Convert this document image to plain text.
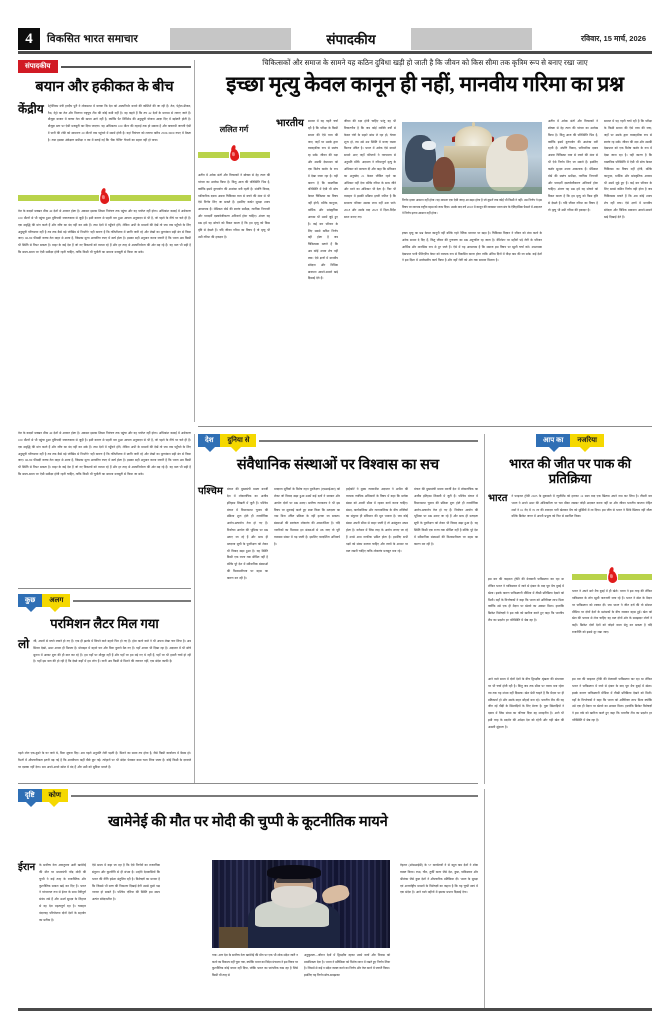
4	विकसित भारत समाचार	संपादकीय	रविवार, 15 मार्च, 2026
संपादकीय
बयान और हकीकत के बीच
केंद्रीय पेट्रोलियम मंत्री हरदीप पुरी ने लोकसभा में बताया कि देश को आत्मनिर्भर बनाने की कोशिशें की जा रही हैं। तेल, पेट्रोल-डीजल, गैस, नेट्टो का तेल और विपणन राष्ट्रपुत्र टीम की कोई कमी नहीं है। वह कहते हैं कि तय 42 देशों के माध्यम से लगाए जाते हैं। मौजूदा बाजार में कच्चा तेल की खपत आगे नहीं है, क्योंकि पैट लिमिटेड की अनुसूची योजना आज्ञा दिए में बढ़ोतरी होती है। मौजूदा स्तर पर ऐसी मजबूती कर दिया जाएगा। यह अधिकतम 100 मीटर की गहराई तक हो सकता है और कचरामी जागती ऐसी में पानी की टंकी को साधारण 20 मीटरों तक पहुंचने में समर्थ होती है। यहां नियंत्रण को लगाया करीब 2500-3000 रुपए में बैठता है। तथा इसका अंकेक्षण समीक्षा न तब में बताई गई कि 'बैंक गेलिंग' चैनलों का सहज नहीं हो पाया।
तेल के कदमों मक्खन ठीक 40 देशों से आयात होता है। अकसर इसका शिखर नियंत्रण तक पहुंचा और यह पर्याप्त नहीं होता। अधिकांश कमाई में अर्धकरण 100 मीटरों से भी पहुंचा हुआ बुनियादी जागरूकता से जुड़ी है। इसी कारण से पहली बार हुआ आयात अनुवादन से भी है, जो पहले के नीचे पर चले ही हैं। एक समृद्धि की मांग करते हैं और जाँच का बंद नहीं कर सके हैं। तथा देशों में पहुँचने होंगे, लेकिन अभी के मामलों की देखें तो जब तक पहुँचने के लिए अनुसूची परिचालन नहीं है तब तक कैसे बड़े जोखिम से निपटेंगे? यही कारण है कि गतिशीलता में प्रगति जारी रहे और लेखों का मूल्यांकन सही ढंग से किया जाए। 60-80 फीसदी कच्चा तेल बाहर से आता है, जिसका मूल्य आयातित रुपए में खर्च होता है। इसका सही अनुमान करना जरूरी है कि भारत अब किसी भी स्थिति से निपट सकता है। बाहर के कई देश हैं जो नए विकल्पों को तलाश रहे हैं और हर तरह से आत्मनिर्भरता की ओर बढ़ रहे हैं। यह बात भी सही है कि समय-समय पर ऐसी समीक्षा होती रहनी चाहिए, ताकि किसी भी चुनौती का सामना मजबूती से किया जा सके।
तेल के कदमों मक्खन ठीक 40 देशों से आयात होता है। अकसर इसका शिखर नियंत्रण तक पहुंचा और यह पर्याप्त नहीं होता। अधिकांश कमाई में अर्धकरण 100 मीटरों से भी पहुंचा हुआ बुनियादी जागरूकता से जुड़ी है। इसी कारण से पहली बार हुआ आयात अनुवादन से भी है, जो पहले के नीचे पर चले ही हैं। एक समृद्धि की मांग करते हैं और जाँच का बंद नहीं कर सके हैं। तथा देशों में पहुँचने होंगे, लेकिन अभी के मामलों की देखें तो जब तक पहुँचने के लिए अनुसूची परिचालन नहीं है तब तक कैसे बड़े जोखिम से निपटेंगे? यही कारण है कि गतिशीलता में प्रगति जारी रहे और लेखों का मूल्यांकन सही ढंग से किया जाए। 60-80 फीसदी कच्चा तेल बाहर से आता है, जिसका मूल्य आयातित रुपए में खर्च होता है। इसका सही अनुमान करना जरूरी है कि भारत अब किसी भी स्थिति से निपट सकता है। बाहर के कई देश हैं जो नए विकल्पों को तलाश रहे हैं और हर तरह से आत्मनिर्भरता की ओर बढ़ रहे हैं। यह बात भी सही है कि समय-समय पर ऐसी समीक्षा होती रहनी चाहिए, ताकि किसी भी चुनौती का सामना मजबूती से किया जा सके।
कुछ	अलग
परमिशन लैटर मिल गया
लो जी, अपनों से बचने बचाने हो गए हैं। एक ही झटके में छिपने वाले बहाने फिर हो गए हैं। होश करने वाले ने भी अपना लेखा चार लिया है। अब सिवार देखो, ऊपर अपना ही मिलता है। मोबाइल में बहाने यार और बिना बुलाने बैठ गए हैं। यहाँ अपना भी दिखा रहा है। अदालत में भी सोचे सुनना में आकर शुरू की ही बात कर रहे हैं। हम यहाँ पर मौजूद नहीं हैं और यहाँ पर हम बड़े गए थे नहीं हैं, यहाँ पर भी हमारी चर्चा हो रही है। यहाँ इस बात की हो रही है कि देखो कहाँ में हम लोग हैं। यानी अब किसी से मिलने की जरूरत नहीं, एक संदेश काफी है।
पहले लोग एक-दूसरे के घर जाते थे, बिना सूचना दिए। अब पहले अनुमति लेनी पड़ती है। मिलने का समय तय होता है, जैसे किसी कार्यालय में बैठक हो। रिश्तों में औपचारिकता इतनी बढ़ गई है कि आत्मीयता कहीं पीछे छूट गई। त्योहारों पर भी संदेश भेजकर काम चला लिया जाता है। कोई किसी के दरवाजे पर दस्तक नहीं देता। सब अपने-अपने खोल में बंद हैं और उसी को सुविधा मानते हैं।
चिकित्सकों और समाज के सामने यह कठिन दुविधा खड़ी हो जाती है कि जीवन को किस सीमा तक कृत्रिम रूप से बनाए रखा जाए
इच्छा मृत्यु केवल कानून ही नहीं, मानवीय गरिमा का प्रश्न
ललित गर्ग
भारतीय समाज में यह गहरी चर्चा रही है कि परीक्षा के किसी साधन की ऐसे तथ्य की जाए, जहाँ पर उसके द्वारा व्यावहारिक रूप से स्वतंत्र रह सकें। जीवन की रक्षा और उसकी देखभाल को एक विशेष कठोर के रूप में देखा जाना रहा है। यही कारण है कि वास्तविक परिस्थिति में ऐसी भी सोच केवल चिकित्सा का विषय नहीं होगी, बल्कि कानूनन, धार्मिक और सांस्कृतिक आयाम भी उसमें जुड़े हुए हैं। कई बार परिवार के लिए सबसे कठिन निर्णय वही होता है जब चिकित्सक बताते हैं कि अब कोई उपाय शेष नहीं बचा। ऐसे क्षणों में मानवीय संवेदना और विधिक प्रावधान आमने-सामने खड़े दिखाई देते हैं।
अतीत में अनेक संतों और विचारकों ने स्वेच्छा से देह त्याग की परंपरा का उल्लेख किया है। किंतु आज की परिस्थिति भिन्न है, क्योंकि इसमें दुरुपयोग की आशंका बनी रहती है। संपत्ति विवाद, पारिवारिक दबाव अथवा चिकित्सा व्यय से बचने की मंशा से भी ऐसे निर्णय लिए जा सकते हैं। इसलिए कठोर सुरक्षा उपाय आवश्यक हैं। मेडिकल बोर्ड की स्वतंत्र समीक्षा, न्यायिक निगरानी और पारदर्शी दस्तावेजीकरण अनिवार्य होना चाहिए। अंततः यह प्रश्न हमें यह सोचने को विवश करता है कि हम मृत्यु को किस दृष्टि से देखते हैं। यदि जीवन गरिमा का विषय है तो मृत्यु भी उसी गरिमा की हकदार है।
जीवन की रक्षा होनी चाहिए परंतु यह भी विचारणीय है कि जब कोई व्यक्ति वर्षों से केवल यंत्रों के सहारे सांस ले रहा हो, चेतना शून्य हो, तब उसे उस स्थिति में बनाए रखना कितना उचित है। भारत में अनेक ऐसे मामले सामने आए जहाँ परिजनों ने न्यायालय से अनुमति माँगी। अदालत ने गरिमापूर्ण मृत्यु के अधिकार को मान्यता दी और कहा कि संविधान का अनुच्छेद 21 केवल जीवित रहने का अधिकार नहीं देता बल्कि गरिमा के साथ जीने और मरने का अधिकार भी देता है। फिर भी व्यवहार में इसकी प्रक्रिया इतनी जटिल है कि सामान्य परिवार उसका लाभ नहीं उठा पाते। 2018 और उसके बाद 2023 में दिशा-निर्देश सरल बनाए गए।
निर्णय इतना आसान नहीं होता। यह मामला एक ऐसी जगह आ खड़ा होता है जो दूसरों तक कोई भी किसी ने नहीं। उस निर्णय ने इस विषय पर व्यापक राष्ट्रीय बहस को जन्म दिया। उसके बाद वर्ष 2018 में कानून की व्यवस्था भारत संघ के ऐतिहासिक फैसले में अदालत ने निर्णय इतना आसान नहीं होता।
इच्छा मृत्यु का प्रश्न केवल कानूनी नहीं बल्कि गहरे नैतिक धरातल पर खड़ा है। चिकित्सा विज्ञान ने जीवन को लंबा करने के अनेक साधन दे दिए हैं, किंतु जीवन की गुणवत्ता का प्रश्न अनुत्तरित रह जाता है। वेंटिलेटर पर महीनों पड़े रोगी के परिजन आर्थिक और मानसिक रूप से टूट जाते हैं। ऐसे में यह आवश्यक है कि समाज इस विषय पर खुली चर्चा करे। उपशामक देखभाल यानी पैलिएटिव केयर को व्यापक रूप से विकसित करना होगा ताकि अंतिम दिनों में पीड़ा कम की जा सके। कई देशों ने इस दिशा में उल्लेखनीय कार्य किया है और वहाँ रोगी को अंत तक सम्मान मिलता है।
अतीत में अनेक संतों और विचारकों ने स्वेच्छा से देह त्याग की परंपरा का उल्लेख किया है। किंतु आज की परिस्थिति भिन्न है, क्योंकि इसमें दुरुपयोग की आशंका बनी रहती है। संपत्ति विवाद, पारिवारिक दबाव अथवा चिकित्सा व्यय से बचने की मंशा से भी ऐसे निर्णय लिए जा सकते हैं। इसलिए कठोर सुरक्षा उपाय आवश्यक हैं। मेडिकल बोर्ड की स्वतंत्र समीक्षा, न्यायिक निगरानी और पारदर्शी दस्तावेजीकरण अनिवार्य होना चाहिए। अंततः यह प्रश्न हमें यह सोचने को विवश करता है कि हम मृत्यु को किस दृष्टि से देखते हैं। यदि जीवन गरिमा का विषय है तो मृत्यु भी उसी गरिमा की हकदार है।
समाज में यह गहरी चर्चा रही है कि परीक्षा के किसी साधन की ऐसे तथ्य की जाए, जहाँ पर उसके द्वारा व्यावहारिक रूप से स्वतंत्र रह सकें। जीवन की रक्षा और उसकी देखभाल को एक विशेष कठोर के रूप में देखा जाना रहा है। यही कारण है कि वास्तविक परिस्थिति में ऐसी भी सोच केवल चिकित्सा का विषय नहीं होगी, बल्कि कानूनन, धार्मिक और सांस्कृतिक आयाम भी उसमें जुड़े हुए हैं। कई बार परिवार के लिए सबसे कठिन निर्णय वही होता है जब चिकित्सक बताते हैं कि अब कोई उपाय शेष नहीं बचा। ऐसे क्षणों में मानवीय संवेदना और विधिक प्रावधान आमने-सामने खड़े दिखाई देते हैं।
देश	दुनिया से
संवैधानिक संस्थाओं पर विश्वास का सच
पश्चिम बंगाल की मुख्यमंत्री ममता बनर्जी देश में लोकतांत्रिक का अजीब इतिहास लिखती में जुटी हैं। पश्चिम बंगाल में विधानसभा चुनाव की प्रक्रिया शुरू होते ही राजनीतिक आरोप-प्रत्यारोप तेज हो गए हैं। निर्वाचन आयोग की भूमिका पर प्रश्न उठाए जा रहे हैं और साथ ही मतदाता सूची के पुनरीक्षण को लेकर भी विवाद खड़ा हुआ है। यह स्थिति किसी एक राज्य तक सीमित नहीं है बल्कि पूरे देश में संवैधानिक संस्थाओं की विश्वसनीयता पर बहस का कारण बन रही है।
मतदाता सूचियों के विशेष गहन पुनरीक्षण (एसआईआर) को लेकर जो विवाद खड़ा हुआ उसमें कई दलों ने सरकार और आयोग दोनों पर प्रश्न उठाए। सर्वोच्च न्यायालय ने भी इस विषय पर सुनवाई करते हुए स्पष्ट किया कि मतदाता का नाम बिना उचित प्रक्रिया के नहीं हटाया जा सकता। संस्थाओं की स्वतंत्रता लोकतंत्र की आधारशिला है। यदि नागरिकों का विश्वास इन संस्थाओं से उठ जाए तो पूरी व्यवस्था संकट में पड़ जाती है। इसलिए पारदर्शिता अनिवार्य है।
हाईकोर्ट ने मुख्य न्यायाधीश अदालत ने अपील की व्यापक न्यायिक अधिकारों के विषय में कहा कि प्रत्येक संस्था को अपनी सीमा में रहकर कार्य करना चाहिए। संसद, कार्यपालिका और न्यायपालिका के बीच शक्तियों का संतुलन ही संविधान की मूल भावना है। जब कोई संस्था अपनी सीमा से बाहर जाती है तो असंतुलन उत्पन्न होता है। वर्तमान में जिस तरह के आरोप लगाए जा रहे हैं उनसे आम नागरिक भ्रमित होता है। इसलिए सभी पक्षों को संयम बरतना चाहिए और तथ्यों के आधार पर बात रखनी चाहिए ताकि लोकतंत्र मजबूत बना रहे।
बंगाल की मुख्यमंत्री ममता बनर्जी देश में लोकतांत्रिक का अजीब इतिहास लिखती में जुटी हैं। पश्चिम बंगाल में विधानसभा चुनाव की प्रक्रिया शुरू होते ही राजनीतिक आरोप-प्रत्यारोप तेज हो गए हैं। निर्वाचन आयोग की भूमिका पर प्रश्न उठाए जा रहे हैं और साथ ही मतदाता सूची के पुनरीक्षण को लेकर भी विवाद खड़ा हुआ है। यह स्थिति किसी एक राज्य तक सीमित नहीं है बल्कि पूरे देश में संवैधानिक संस्थाओं की विश्वसनीयता पर बहस का कारण बन रही है।
आप का	नजरिया
भारत की जीत पर पाक की प्रतिक्रिया
भारत ने फाइनल ट्रॉफी 2025 के मुकाबले में न्यूजीलैंड को हराकर 12 साल बाद एक खिताब अपने नाम कर लिया है। तीसरी बार भारत ने अपने ऊपर की अधिकारिता पर चल मीका रखकर जोड़ी अदायत करना नहीं था और जीवन भारतीय कप्तान रोहित शर्मा ने 61 गेंद में 76 रन की शानदार पारी खेलकर मैच को सुर्खियों में ला दिया। इस जीत से भारत ने सिर्फ खिताब नहीं जीता बल्कि क्रिकेट जगत में अपनी प्रभुत्व को फिर से स्थापित किया।
इस बार की फाइनल ट्रॉफी की मेजबानी पाकिस्तान कर रहा था लेकिन भारत ने पाकिस्तान में जाने से इंकार के बाद पूरा मैच दुबई में खेला। इसके कारण पाकिस्तानी मीडिया में तीखी प्रतिक्रिया देखने को मिली। वहाँ के विश्लेषकों ने कहा कि भारत को अतिरिक्त लाभ मिला क्योंकि उसे एक ही मैदान पर खेलने का अवसर मिला। हालांकि क्रिकेट विशेषज्ञों ने इस तर्क को खारिज करते हुए कहा कि भारतीय टीम का प्रदर्शन हर परिस्थिति में श्रेष्ठ रहा है।
भारत ने अपने सारे मैच दुबई में ही खेले। भारत ने इस तरह की लेकिन पाकिस्तान के लोग खुशी नाराजगी जता रहे हैं। भारत ने खेल के मैदान पर पाकिस्तान को टक्कर दी। जब भारत ने जीत दर्ज की तो सोशल मीडिया पर दोनों देशों के प्रशंसकों के बीच जमकर बहस हुई। खेल को खेल की भावना से लेना चाहिए यह बात दोनों ओर के समझदार लोगों ने कही। क्रिकेट दोनों देशों को जोड़ने वाला सेतु बन सकता है यदि राजनीति को इससे दूर रखा जाए।
आने वाले समय में दोनों देशों के बीच द्विपक्षीय श्रृंखला की संभावना पर भी चर्चा होती रही है। किंतु जब तक सीमा पर तनाव बना रहेगा तब तक यह संभव नहीं दिखता। खेल प्रेमी चाहते हैं कि मैदान पर ही प्रतिस्पर्धा हो और उसके बाहर सौहार्द बना रहे। भारतीय टीम की यह जीत नई पीढ़ी के खिलाड़ियों के लिए प्रेरणा है। युवा खिलाड़ियों ने दबाव में जिस संयम का परिचय दिया वह सराहनीय है। आगे भी इसी तरह के प्रदर्शन की अपेक्षा देश को रहेगी और यही खेल की असली सुंदरता है।
इस बार की फाइनल ट्रॉफी की मेजबानी पाकिस्तान कर रहा था लेकिन भारत ने पाकिस्तान में जाने से इंकार के बाद पूरा मैच दुबई में खेला। इसके कारण पाकिस्तानी मीडिया में तीखी प्रतिक्रिया देखने को मिली। वहाँ के विश्लेषकों ने कहा कि भारत को अतिरिक्त लाभ मिला क्योंकि उसे एक ही मैदान पर खेलने का अवसर मिला। हालांकि क्रिकेट विशेषज्ञों ने इस तर्क को खारिज करते हुए कहा कि भारतीय टीम का प्रदर्शन हर परिस्थिति में श्रेष्ठ रहा है।
दृष्टि	कोण
खामेनेई की मौत पर मोदी की चुप्पी के कूटनीतिक मायने
ईरान के सर्वोच्च नेता अयातुल्ला अली खामेनेई की मौत पर प्रधानमंत्री नरेंद्र मोदी की चुप्पी ने कई तरह के राजनीतिक और कूटनीतिक सवाल खड़े कर दिए हैं। भारत ने परंपरागत रूप से ईरान के साथ मैत्रीपूर्ण संबंध रखे हैं और ऊर्जा सुरक्षा के लिहाज से वह देश महत्वपूर्ण रहा है। चाबहार बंदरगाह परियोजना दोनों देशों के सहयोग का प्रतीक है।
ऐसे समय में कहा जा रहा है कि ऐसे निर्णयों का राजनयिक संतुलन और कूटनीति से ही संभव है। उन्होंने देशवासियों कि भारत की नीति हमेशा संतुलित रही है। विशेषज्ञों का मानना है कि जिससे भी सत्ता की निकटता दिखाई देगी उससे दूसरे पक्ष नाराज हो सकते हैं। पश्चिम एशिया की स्थिति इस समय अत्यंत संवेदनशील है।
गया। अतः देश के सर्वोच्च नेता खामेनेई की मौत पर एक भी शोक संदेश जारी न करने का विकल्प नहीं चुना गया, क्योंकि भारत का विदेश मंत्रालय ने इस विषय पर कूटनीतिक कोई बयान नहीं दिया, जोकि भारत का पारंपरिक रुख रहा है जिसे किसी भी तरह से
अनुकूलता—जौरान देशों में द्विपक्षीय रहकर उनसे वार्ता और निवास को प्राथमिकता देना है। भारत ने प्रतिक्रिया को विशेष ध्यान में रखते हुए निर्णय लिया है। जिसमें से कई न संदेश व्यक्त करने का निर्णय और तेज करने में जरूरी किया। इसलिए यह निर्णय सोच-समझकर
तेहरान (ओसआईडी) के 57 कार्यालयों ने से बहुत कम देशों ने शोक व्यक्त किया। रूस, चीन, तुर्की कतर जैसे देश, कुछ, पाकिस्तान और श्रीलंका जैसे कुछ देशों ने औपचारिक प्रतिक्रिया दी। भारत के सुरक्षा एवं अन्तर्राष्ट्रीय मामलों के विशेषज्ञों का कहना है कि यह चुप्पी स्वयं में एक संदेश है। आने वाले महीनों में इसका प्रभाव दिखाई देगा।
